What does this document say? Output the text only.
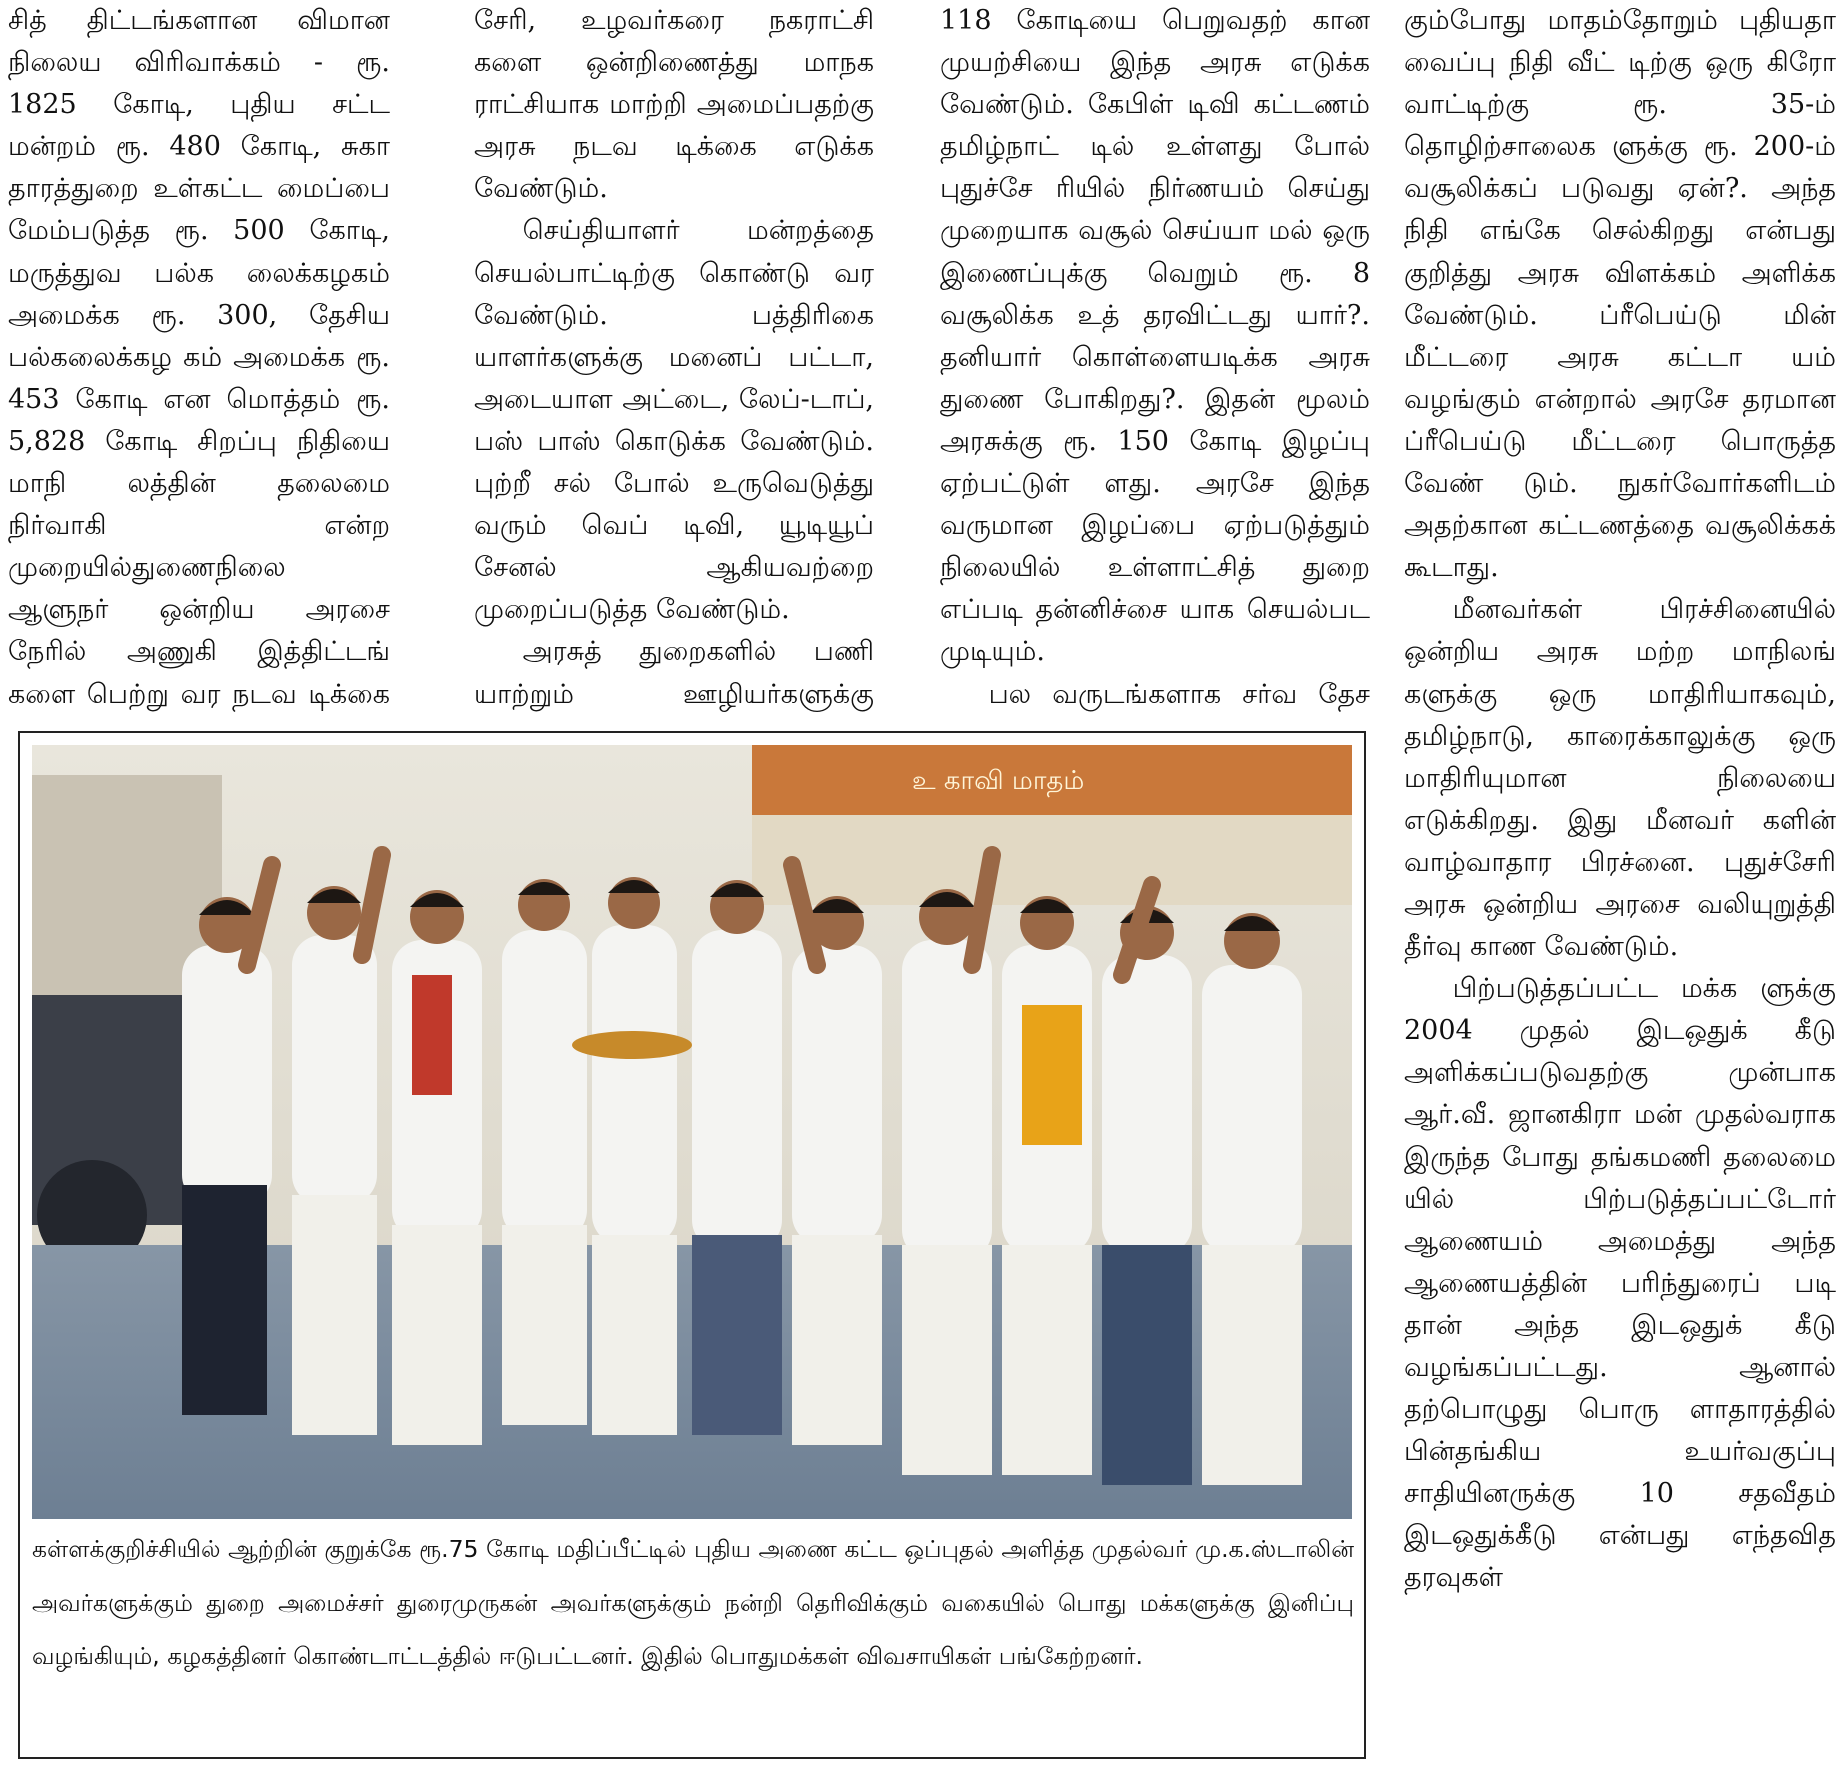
சித் திட்டங்களான விமான நிலைய விரிவாக்கம் - ரூ. 1825 கோடி, புதிய சட்ட மன்றம் ரூ. 480 கோடி, சுகா தாரத்துறை உள்கட்ட மைப்பை மேம்படுத்த ரூ. 500 கோடி, மருத்துவ பல்க லைக்கழகம் அமைக்க ரூ. 300, தேசிய பல்கலைக்கழ கம் அமைக்க ரூ. 453 கோடி என மொத்தம் ரூ. 5,828 கோடி சிறப்பு நிதியை மாநி லத்தின் தலைமை நிர்வாகி என்ற முறையில்துணைநிலை ஆளுநர் ஒன்றிய அரசை நேரில் அணுகி இத்திட்டங் களை பெற்று வர நடவ டிக்கை

சேரி, உழவர்கரை நகராட்சி களை ஒன்றிணைத்து மாநக ராட்சியாக மாற்றி அமைப்பதற்கு அரசு நடவ டிக்கை எடுக்க வேண்டும்.

செய்தியாளர் மன்றத்தை செயல்பாட்டிற்கு கொண்டு வர வேண்டும். பத்திரிகை யாளர்களுக்கு மனைப் பட்டா, அடையாள அட்டை, லேப்-டாப், பஸ் பாஸ் கொடுக்க வேண்டும். புற்றீ சல் போல் உருவெடுத்து வரும் வெப் டிவி, யூடியூப் சேனல் ஆகியவற்றை முறைப்படுத்த வேண்டும்.

அரசுத் துறைகளில் பணி யாற்றும் ஊழியர்களுக்கு

118 கோடியை பெறுவதற் கான முயற்சியை இந்த அரசு எடுக்க வேண்டும். கேபிள் டிவி கட்டணம் தமிழ்நாட் டில் உள்ளது போல் புதுச்சே ரியில் நிர்ணயம் செய்து முறையாக வசூல் செய்யா மல் ஒரு இணைப்புக்கு வெறும் ரூ. 8 வசூலிக்க உத் தரவிட்டது யார்?. தனியார் கொள்ளையடிக்க அரசு துணை போகிறது?. இதன் மூலம் அரசுக்கு ரூ. 150 கோடி இழப்பு ஏற்பட்டுள் ளது. அரசே இந்த வருமான இழப்பை ஏற்படுத்தும் நிலையில் உள்ளாட்சித் துறை எப்படி தன்னிச்சை யாக செயல்பட முடியும்.

பல வருடங்களாக சர்வ தேச

கும்போது மாதம்தோறும் புதியதா வைப்பு நிதி வீட் டிற்கு ஒரு கிரோ வாட்டிற்கு ரூ. 35-ம் தொழிற்சாலைக ளுக்கு ரூ. 200-ம் வசூலிக்கப் படுவது ஏன்?. அந்த நிதி எங்கே செல்கிறது என்பது குறித்து அரசு விளக்கம் அளிக்க வேண்டும். ப்ரீபெய்டு மின் மீட்டரை அரசு கட்டா யம் வழங்கும் என்றால் அரசே தரமான ப்ரீபெய்டு மீட்டரை பொருத்த வேண் டும். நுகர்வோர்களிடம் அதற்கான கட்டணத்தை வசூலிக்கக் கூடாது.

மீனவர்கள் பிரச்சினையில் ஒன்றிய அரசு மற்ற மாநிலங் களுக்கு ஒரு மாதிரியாகவும், தமிழ்நாடு, காரைக்காலுக்கு ஒரு மாதிரியுமான நிலையை எடுக்கிறது. இது மீனவர் களின் வாழ்வாதார பிரச்னை. புதுச்சேரி அரசு ஒன்றிய அரசை வலியுறுத்தி தீர்வு காண வேண்டும்.

பிற்படுத்தப்பட்ட மக்க ளுக்கு 2004 முதல் இடஒதுக் கீடு அளிக்கப்படுவதற்கு முன்பாக ஆர்.வீ. ஜானகிரா மன் முதல்வராக இருந்த போது தங்கமணி தலைமை யில் பிற்படுத்தப்பட்டோர் ஆணையம் அமைத்து அந்த ஆணையத்தின் பரிந்துரைப் படி தான் அந்த இடஒதுக் கீடு வழங்கப்பட்டது. ஆனால் தற்பொழுது பொரு ளாதாரத்தில் பின்தங்கிய உயர்வகுப்பு சாதியினருக்கு 10 சதவீதம் இடஒதுக்கீடு என்பது எந்தவித தரவுகள்

உ காவி மாதம்
கள்ளக்குறிச்சியில் ஆற்றின் குறுக்கே ரூ.75 கோடி மதிப்பீட்டில் புதிய அணை கட்ட ஒப்புதல் அளித்த முதல்வர் மு.க.ஸ்டாலின் அவர்களுக்கும் துறை அமைச்சர் துரைமுருகன் அவர்களுக்கும் நன்றி தெரிவிக்கும் வகையில் பொது மக்களுக்கு இனிப்பு வழங்கியும், கழகத்தினர் கொண்டாட்டத்தில் ஈடுபட்டனர். இதில் பொதுமக்கள் விவசாயிகள் பங்கேற்றனர்.
